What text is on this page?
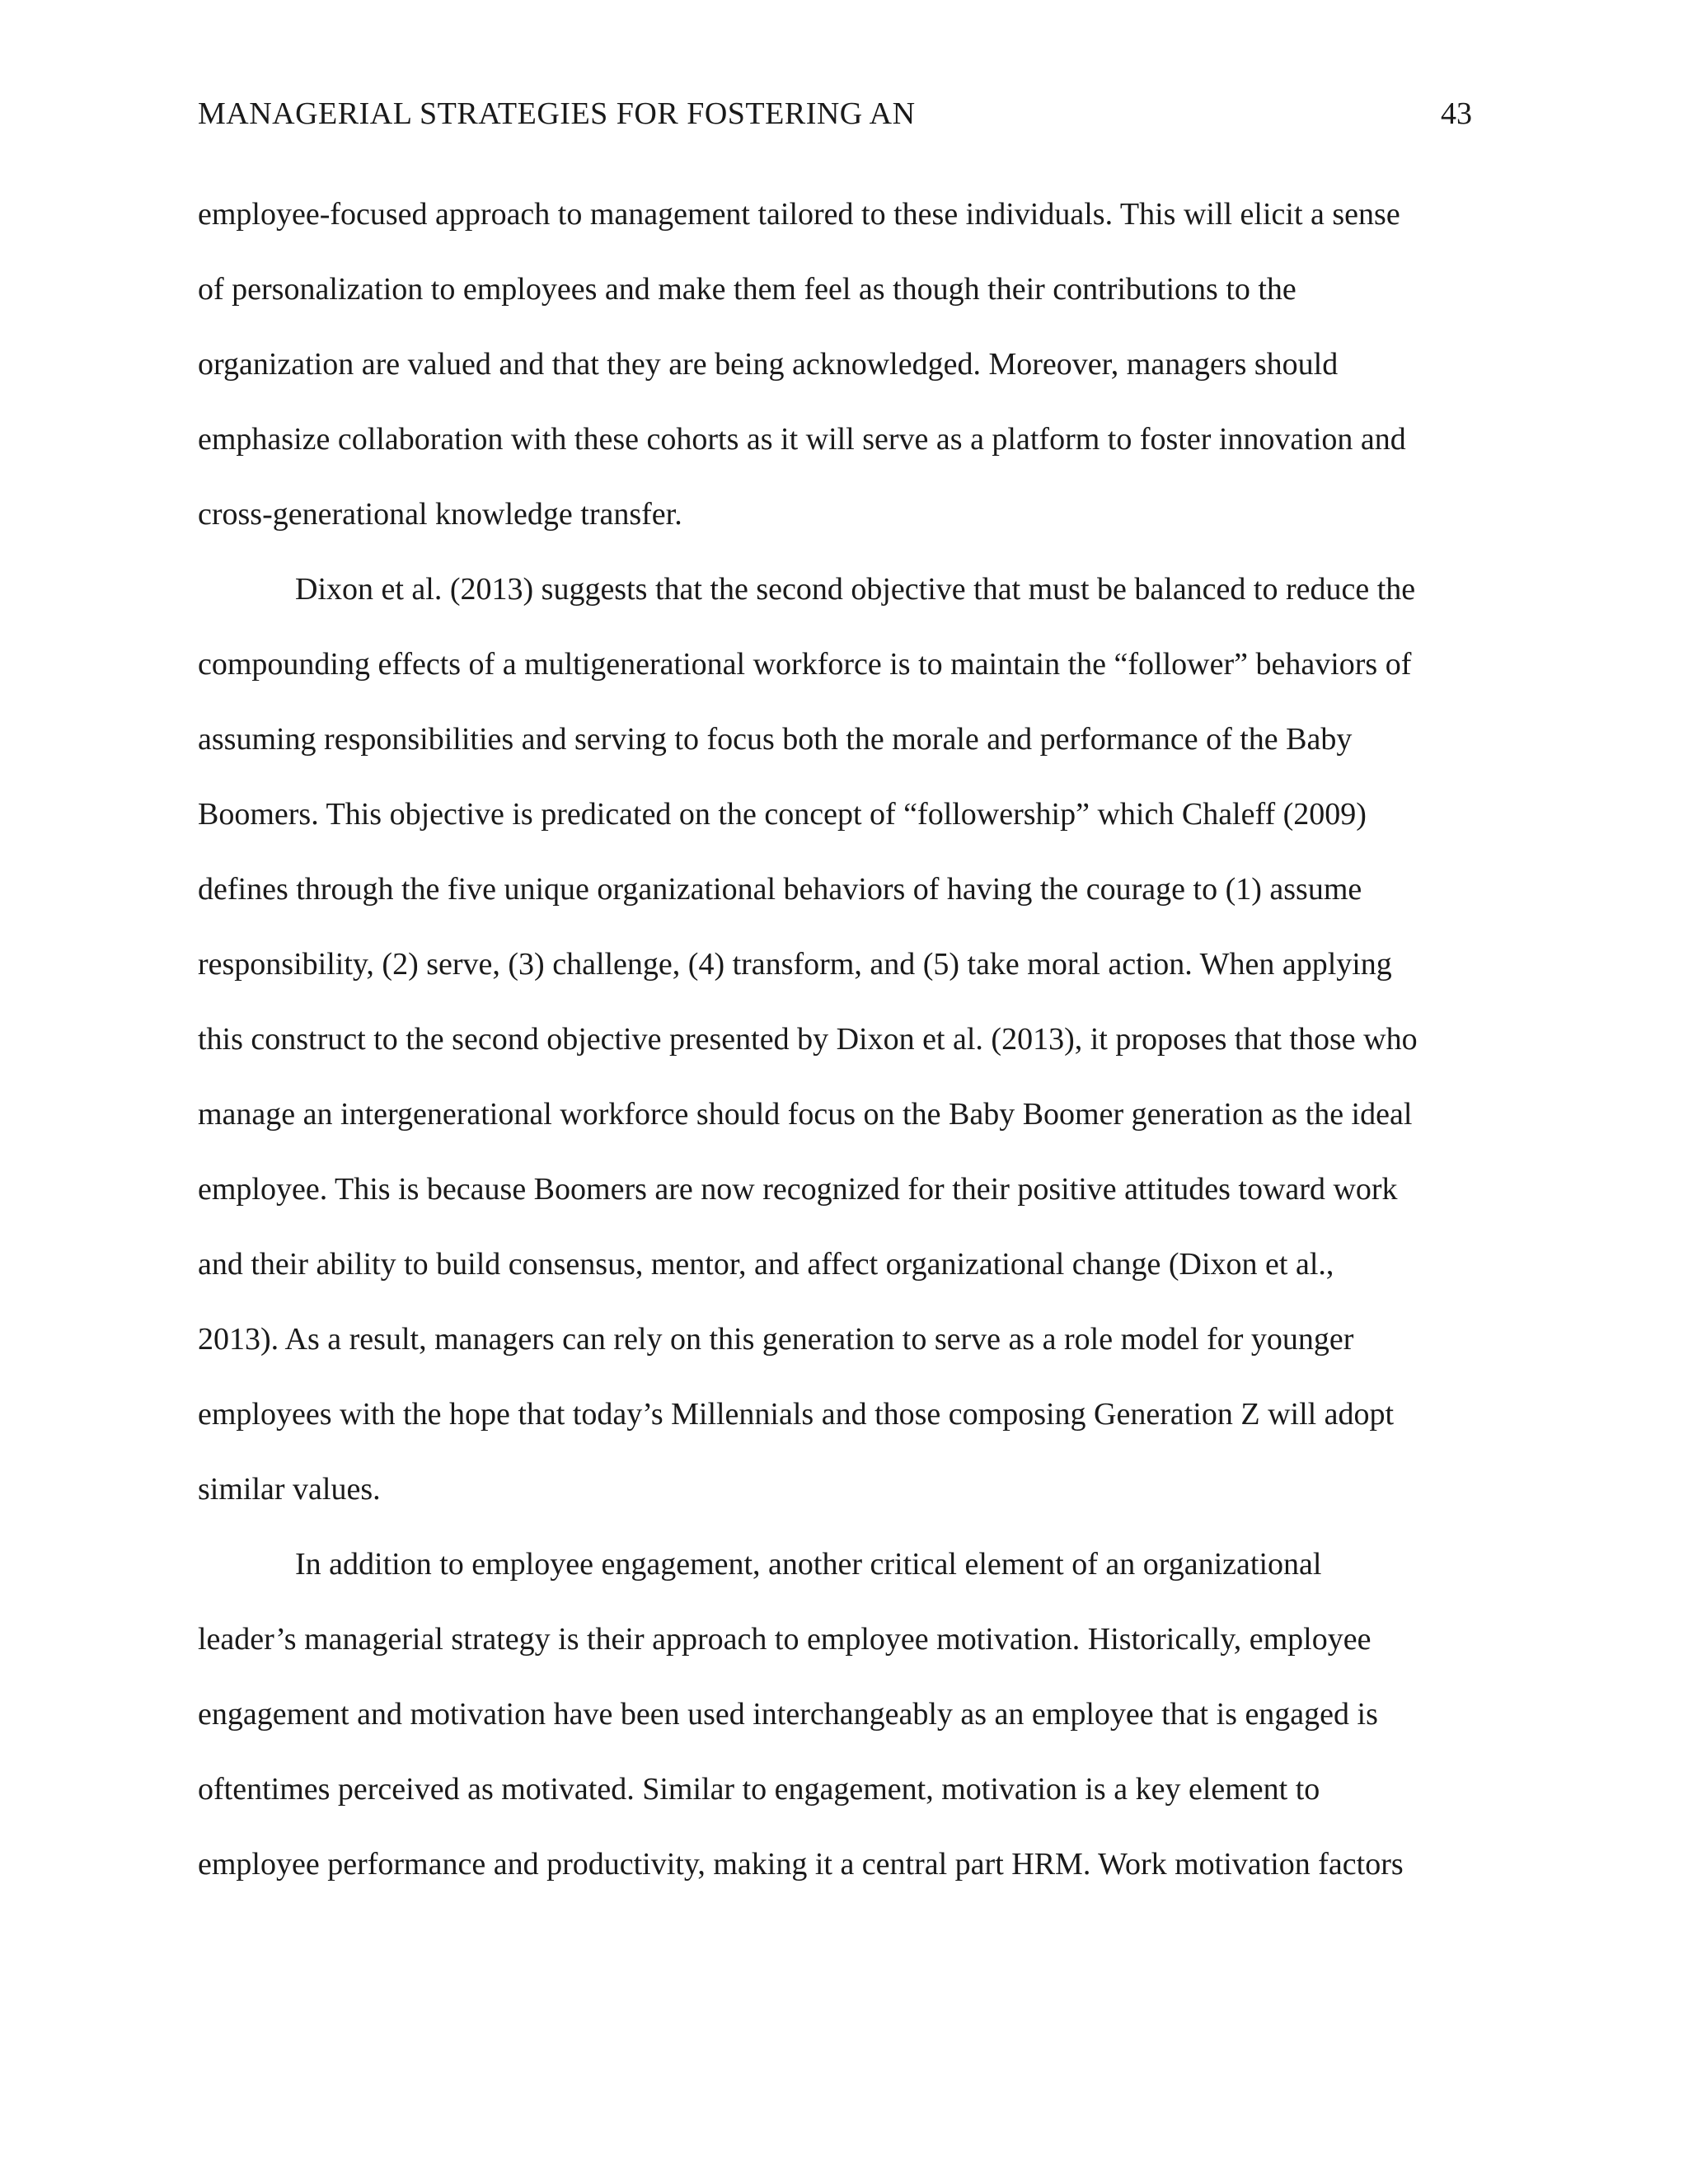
MANAGERIAL STRATEGIES FOR FOSTERING AN	43
employee-focused approach to management tailored to these individuals. This will elicit a sense
of personalization to employees and make them feel as though their contributions to the
organization are valued and that they are being acknowledged. Moreover, managers should
emphasize collaboration with these cohorts as it will serve as a platform to foster innovation and
cross-generational knowledge transfer.
Dixon et al. (2013) suggests that the second objective that must be balanced to reduce the
compounding effects of a multigenerational workforce is to maintain the “follower” behaviors of
assuming responsibilities and serving to focus both the morale and performance of the Baby
Boomers. This objective is predicated on the concept of “followership” which Chaleff (2009)
defines through the five unique organizational behaviors of having the courage to (1) assume
responsibility, (2) serve, (3) challenge, (4) transform, and (5) take moral action. When applying
this construct to the second objective presented by Dixon et al. (2013), it proposes that those who
manage an intergenerational workforce should focus on the Baby Boomer generation as the ideal
employee. This is because Boomers are now recognized for their positive attitudes toward work
and their ability to build consensus, mentor, and affect organizational change (Dixon et al.,
2013). As a result, managers can rely on this generation to serve as a role model for younger
employees with the hope that today’s Millennials and those composing Generation Z will adopt
similar values.
In addition to employee engagement, another critical element of an organizational
leader’s managerial strategy is their approach to employee motivation. Historically, employee
engagement and motivation have been used interchangeably as an employee that is engaged is
oftentimes perceived as motivated. Similar to engagement, motivation is a key element to
employee performance and productivity, making it a central part HRM. Work motivation factors
